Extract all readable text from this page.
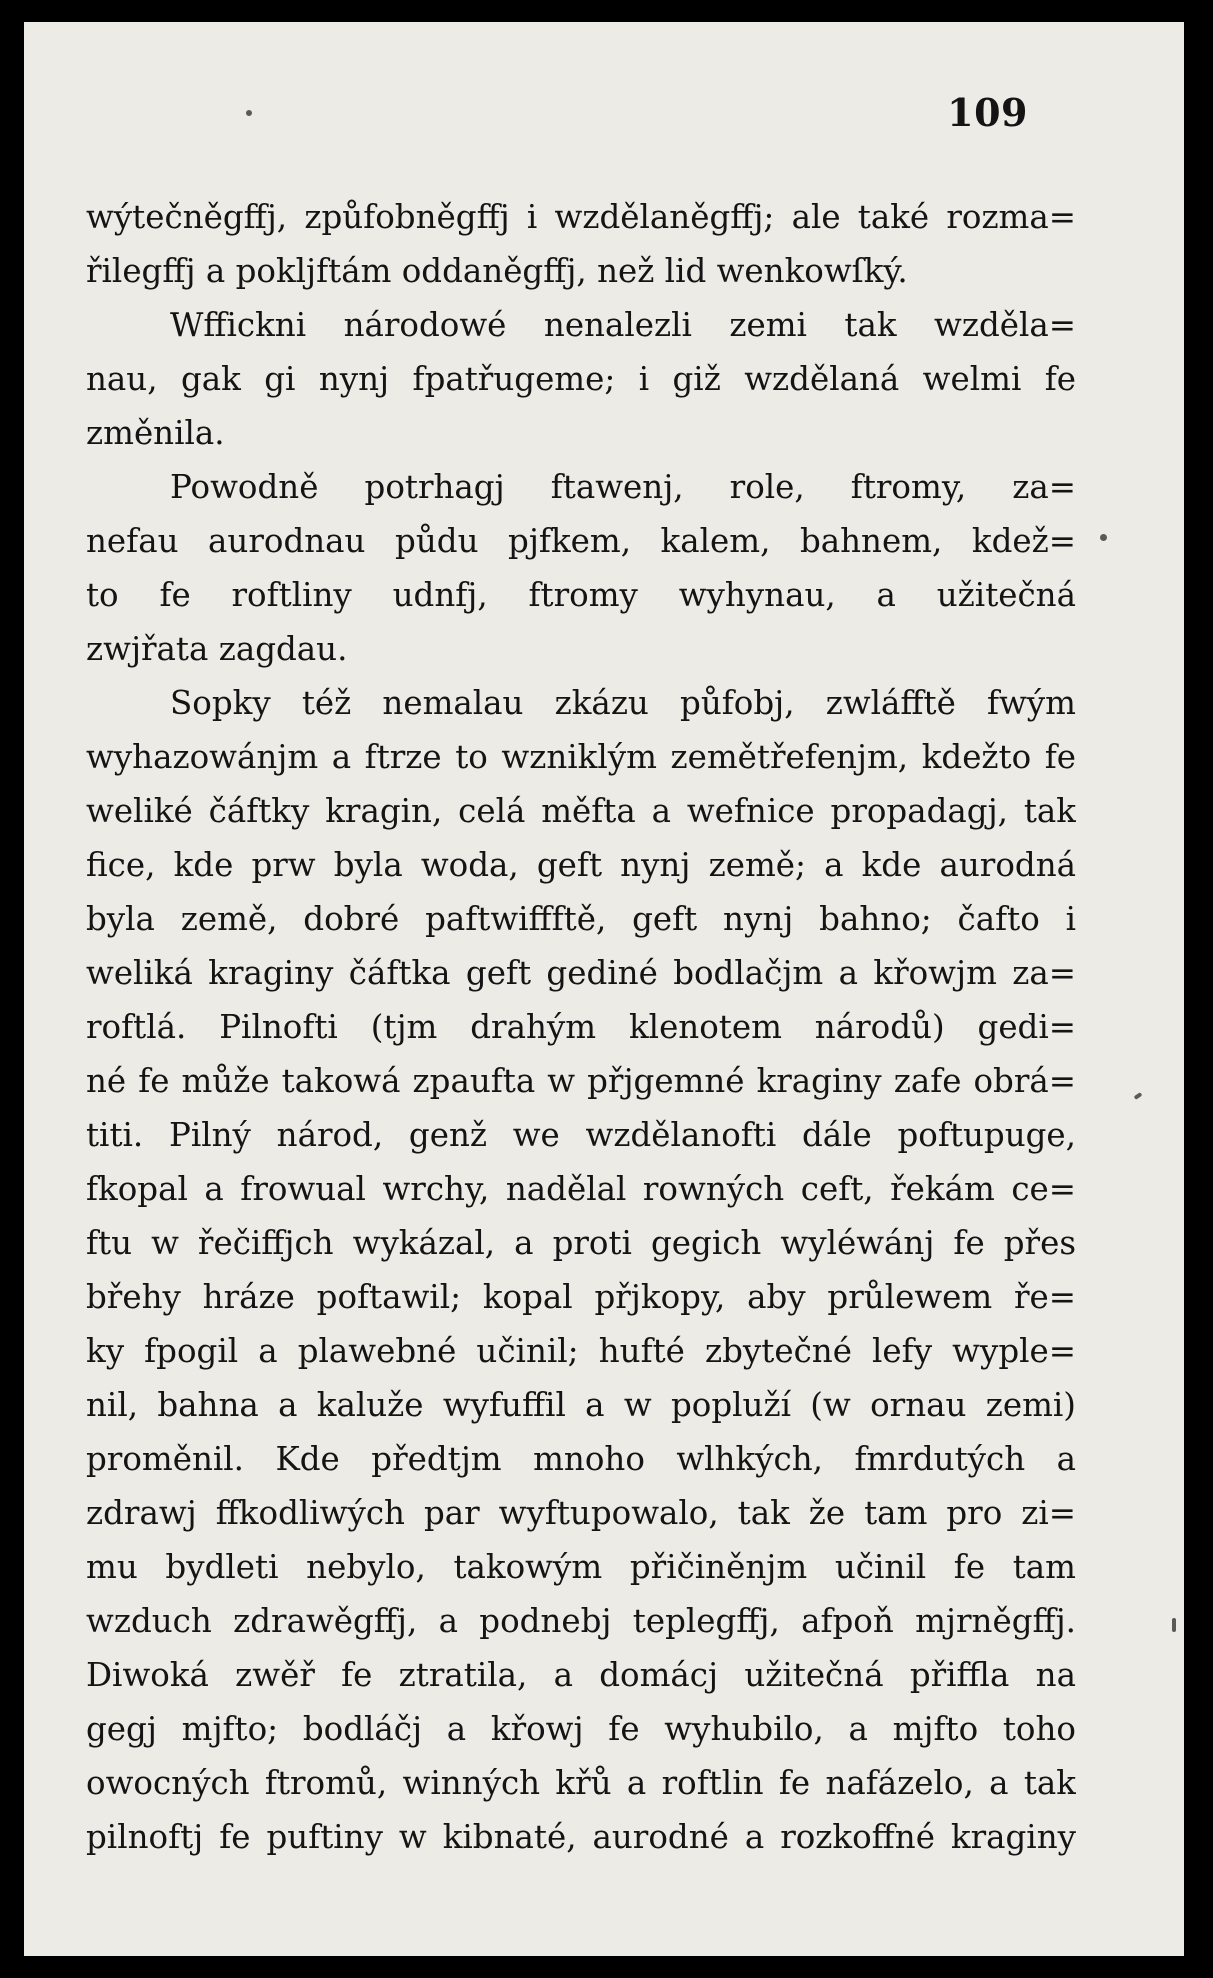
109
wýtečněgffj, způfobněgffj i wzdělaněgffj; ale také rozma=
řilegffj a pokljftám oddaněgffj, než lid wenkowſký.
Wffickni národowé nenalezli zemi tak wzděla=
nau, gak gi nynj fpatřugeme; i giž wzdělaná welmi fe
změnila.
Powodně potrhagj ftawenj, role, ftromy, za=
nefau aurodnau půdu pjfkem, kalem, bahnem, kdež=
to fe roftliny udnfj, ftromy wyhynau, a užitečná
zwjřata zagdau.
Sopky též nemalau zkázu půfobj, zwláfftě fwým
wyhazowánjm a ftrze to wzniklým zemětřefenjm, kdežto fe
weliké čáftky kragin, celá měfta a wefnice propadagj, tak
fice, kde prw byla woda, geft nynj země; a kde aurodná
byla země, dobré paftwiffftě, geft nynj bahno; čafto i
weliká kraginy čáftka geft gediné bodlačjm a křowjm za=
roftlá. Pilnofti (tjm drahým klenotem národů) gedi=
né fe může takowá zpaufta w přjgemné kraginy zafe obrá=
titi. Pilný národ, genž we wzdělanofti dále poftupuge,
fkopal a frowual wrchy, nadělal rowných ceft, řekám ce=
ftu w řečiffjch wykázal, a proti gegich wyléwánj fe přes
břehy hráze poftawil; kopal přjkopy, aby průlewem ře=
ky fpogil a plawebné učinil; hufté zbytečné lefy wyple=
nil, bahna a kaluže wyfuffil a w popluží (w ornau zemi)
proměnil. Kde předtjm mnoho wlhkých, fmrdutých a
zdrawj ffkodliwých par wyftupowalo, tak že tam pro zi=
mu bydleti nebylo, takowým přičiněnjm učinil fe tam
wzduch zdrawěgffj, a podnebj teplegffj, afpoň mjrněgffj.
Diwoká zwěř fe ztratila, a domácj užitečná přiffla na
gegj mjfto; bodláčj a křowj fe wyhubilo, a mjfto toho
owocných ftromů, winných křů a roftlin fe nafázelo, a tak
pilnoftj fe puftiny w kibnaté, aurodné a rozkoffné kraginy
